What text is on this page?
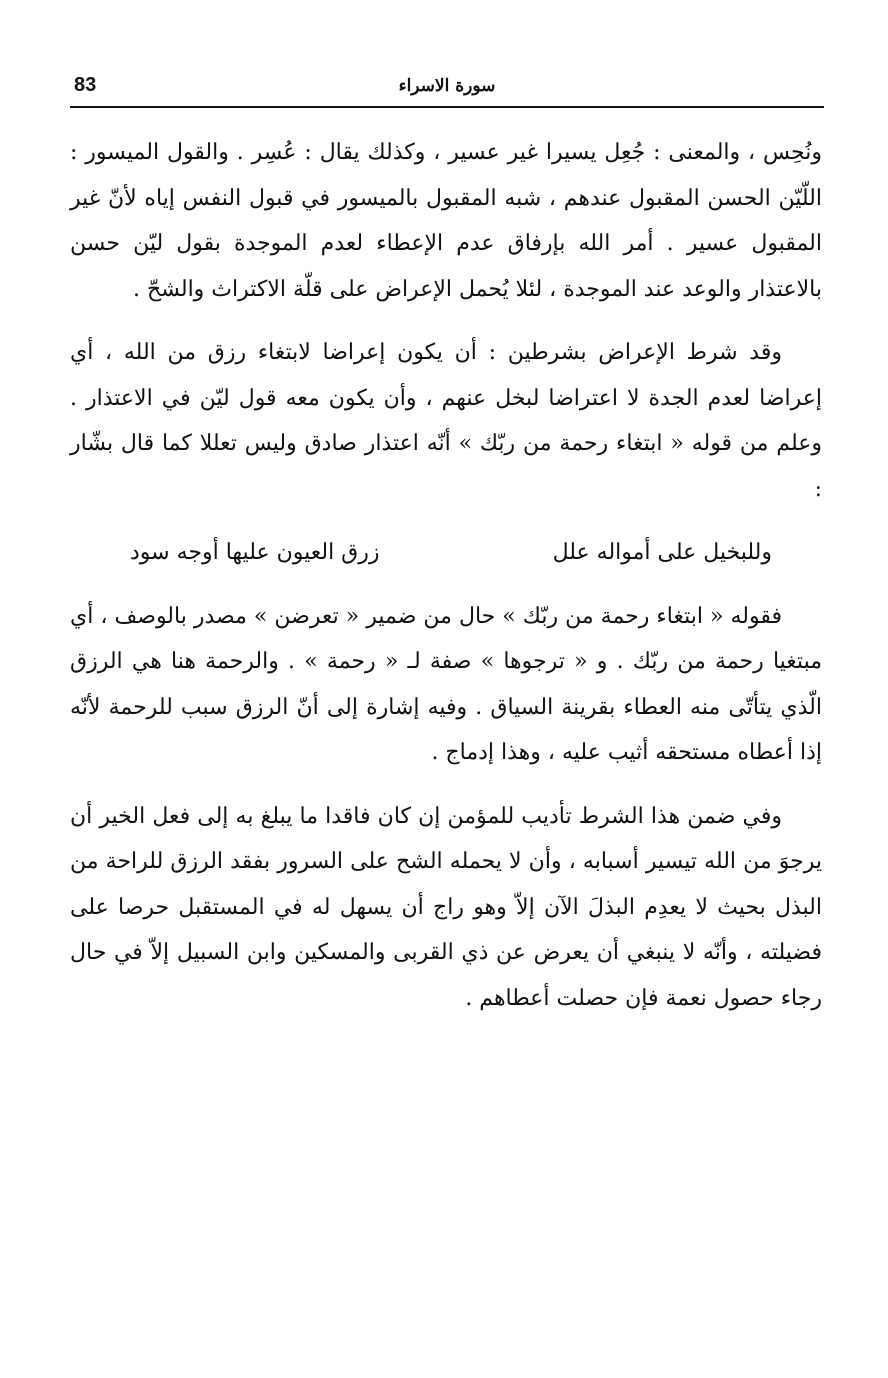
83	سورة الاسراء

ونُحِس ، والمعنى : جُعِل يسيرا غير عسير ، وكذلك يقال : عُسِر . والقول الميسور : اللّيّن الحسن المقبول عندهم ، شبه المقبول بالميسور في قبول النفس إياه لأنّ غير المقبول عسير . أمر الله بإرفاق عدم الإعطاء لعدم الموجدة بقول ليّن حسن بالاعتذار والوعد عند الموجدة ، لئلا يُحمل الإعراض على قلّة الاكتراث والشحّ .

وقد شرط الإعراض بشرطين : أن يكون إعراضا لابتغاء رزق من الله ، أي إعراضا لعدم الجدة لا اعتراضا لبخل عنهم ، وأن يكون معه قول ليّن في الاعتذار . وعلم من قوله « ابتغاء رحمة من ربّك » أنّه اعتذار صادق وليس تعللا كما قال بشّار :

وللبخيل على أمواله علل
زرق العيون عليها أوجه سود

فقوله « ابتغاء رحمة من ربّك » حال من ضمير « تعرضن » مصدر بالوصف ، أي مبتغيا رحمة من ربّك . و « ترجوها » صفة لـ « رحمة » . والرحمة هنا هي الرزق الّذي يتأتّى منه العطاء بقرينة السياق . وفيه إشارة إلى أنّ الرزق سبب للرحمة لأنّه إذا أعطاه مستحقه أثيب عليه ، وهذا إدماج .

وفي ضمن هذا الشرط تأديب للمؤمن إن كان فاقدا ما يبلغ به إلى فعل الخير أن يرجوَ من الله تيسير أسبابه ، وأن لا يحمله الشح على السرور بفقد الرزق للراحة من البذل بحيث لا يعدِم البذلَ الآن إلاّ وهو راج أن يسهل له في المستقبل حرصا على فضيلته ، وأنّه لا ينبغي أن يعرض عن ذي القربى والمسكين وابن السبيل إلاّ في حال رجاء حصول نعمة فإن حصلت أعطاهم .
